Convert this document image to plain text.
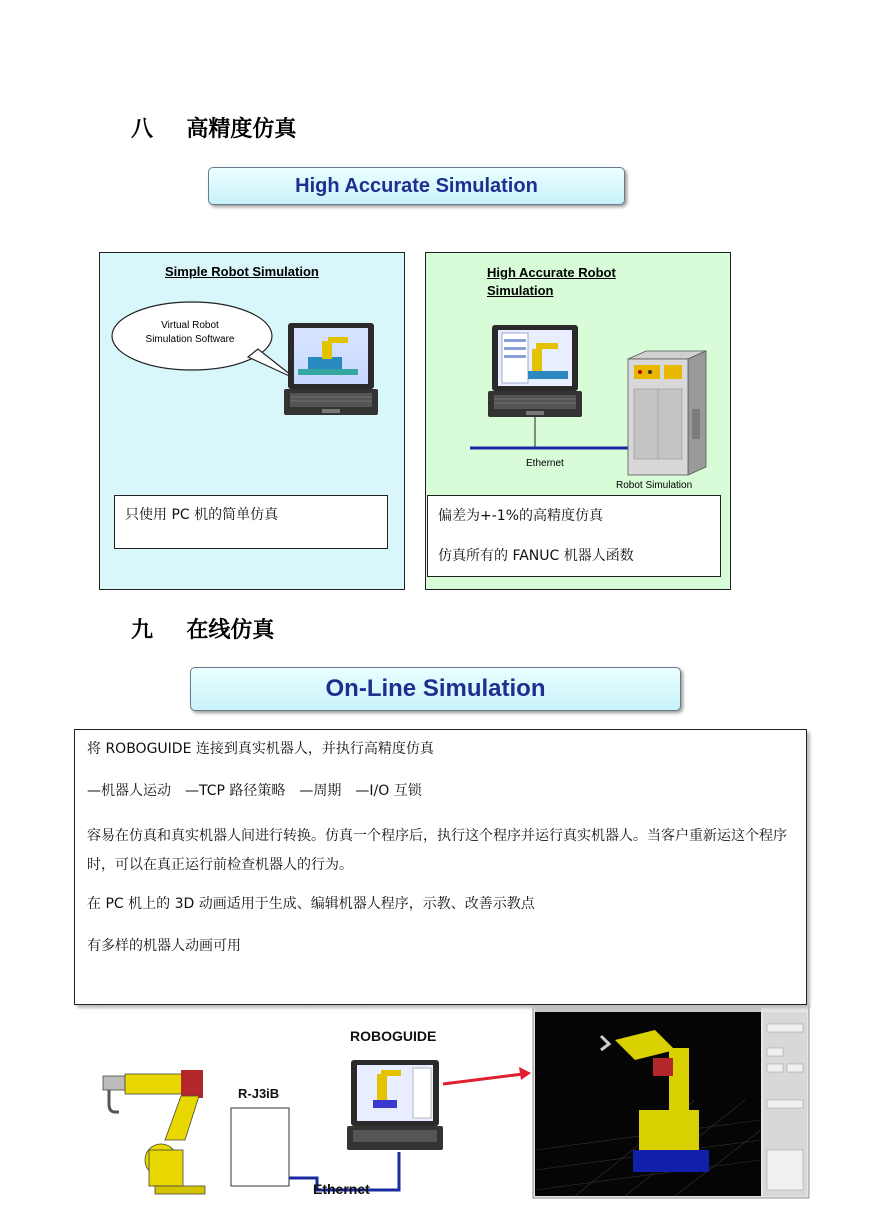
八 高精度仿真
High Accurate Simulation
Simple Robot Simulation
Virtual Robot
Simulation Software

只使用 PC 机的简单仿真

High Accurate Robot
Simulation
Ethernet
Robot Simulation

偏差为+-1%的高精度仿真

仿真所有的 FANUC 机器人函数

九 在线仿真
On-Line Simulation
ROBOGUIDE
R-J3iB
Ethernet

将 ROBOGUIDE 连接到真实机器人，并执行高精度仿真

—机器人运动　—TCP 路径策略　—周期　—I/O 互锁

容易在仿真和真实机器人间进行转换。仿真一个程序后，执行这个程序并运行真实机器人。当客户重新运这个程序时，可以在真正运行前检查机器人的行为。

在 PC 机上的 3D 动画适用于生成、编辑机器人程序，示教、改善示教点

有多样的机器人动画可用
